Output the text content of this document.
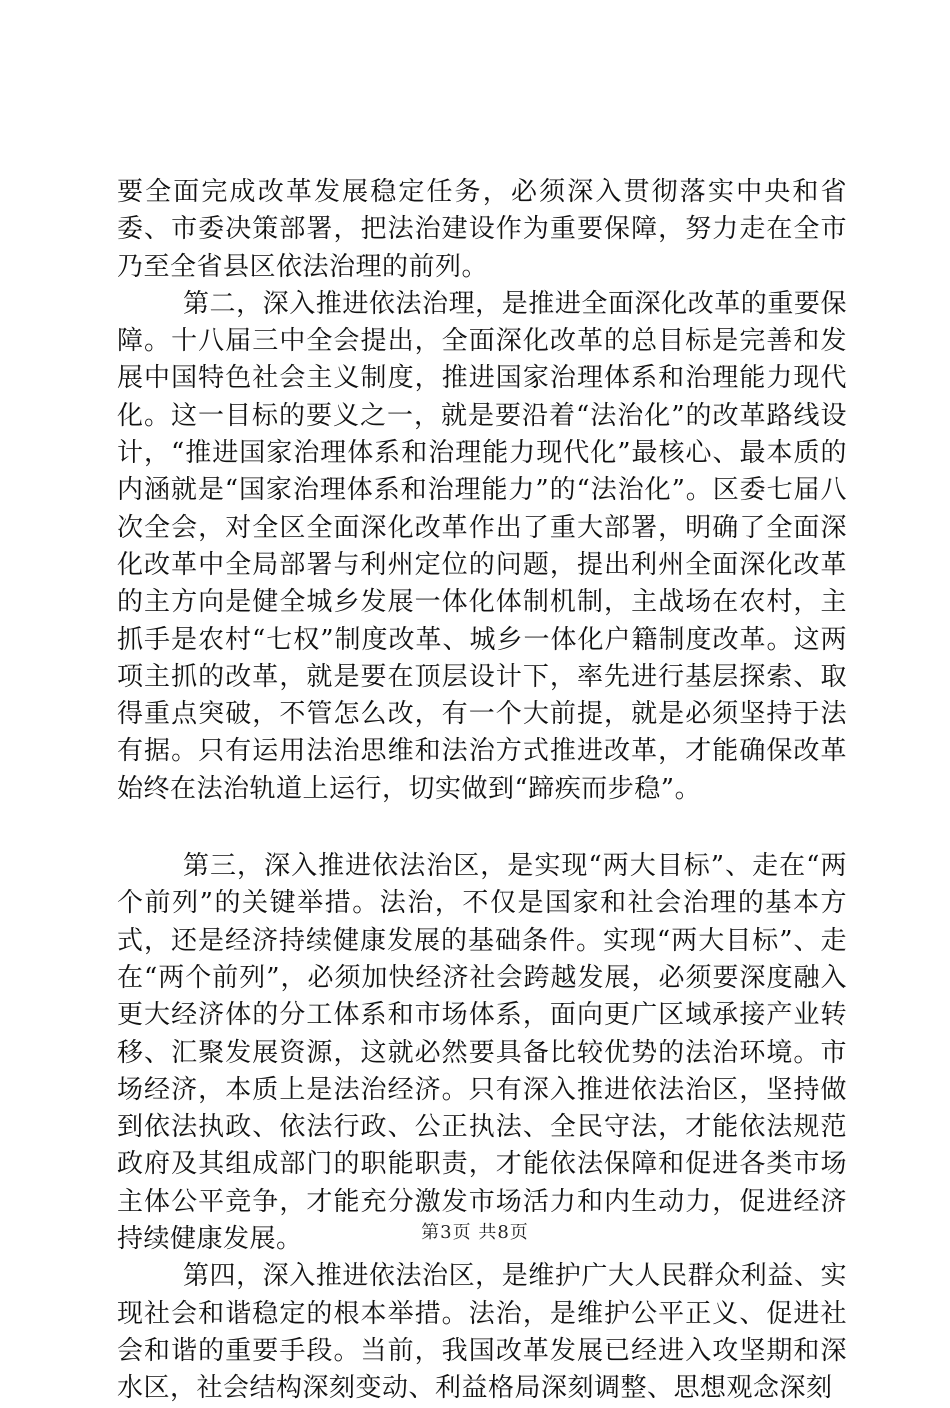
要全面完成改革发展稳定任务，必须深入贯彻落实中央和省委、市委决策部署，把法治建设作为重要保障，努力走在全市乃至全省县区依法治理的前列。

第二，深入推进依法治理，是推进全面深化改革的重要保障。十八届三中全会提出，全面深化改革的总目标是完善和发展中国特色社会主义制度，推进国家治理体系和治理能力现代化。这一目标的要义之一，就是要沿着“法治化”的改革路线设计，“推进国家治理体系和治理能力现代化”最核心、最本质的内涵就是“国家治理体系和治理能力”的“法治化”。区委七届八次全会，对全区全面深化改革作出了重大部署，明确了全面深化改革中全局部署与利州定位的问题，提出利州全面深化改革的主方向是健全城乡发展一体化体制机制，主战场在农村，主抓手是农村“七权”制度改革、城乡一体化户籍制度改革。这两项主抓的改革，就是要在顶层设计下，率先进行基层探索、取得重点突破，不管怎么改，有一个大前提，就是必须坚持于法有据。只有运用法治思维和法治方式推进改革，才能确保改革始终在法治轨道上运行，切实做到“蹄疾而步稳”。

第三，深入推进依法治区，是实现“两大目标”、走在“两个前列”的关键举措。法治，不仅是国家和社会治理的基本方式，还是经济持续健康发展的基础条件。实现“两大目标”、走在“两个前列”，必须加快经济社会跨越发展，必须要深度融入更大经济体的分工体系和市场体系，面向更广区域承接产业转移、汇聚发展资源，这就必然要具备比较优势的法治环境。市场经济，本质上是法治经济。只有深入推进依法治区，坚持做到依法执政、依法行政、公正执法、全民守法，才能依法规范政府及其组成部门的职能职责，才能依法保障和促进各类市场主体公平竞争，才能充分激发市场活力和内生动力，促进经济持续健康发展。

第四，深入推进依法治区，是维护广大人民群众利益、实现社会和谐稳定的根本举措。法治，是维护公平正义、促进社会和谐的重要手段。当前，我国改革发展已经进入攻坚期和深水区，社会结构深刻变动、利益格局深刻调整、思想观念深刻

第3页 共8页
